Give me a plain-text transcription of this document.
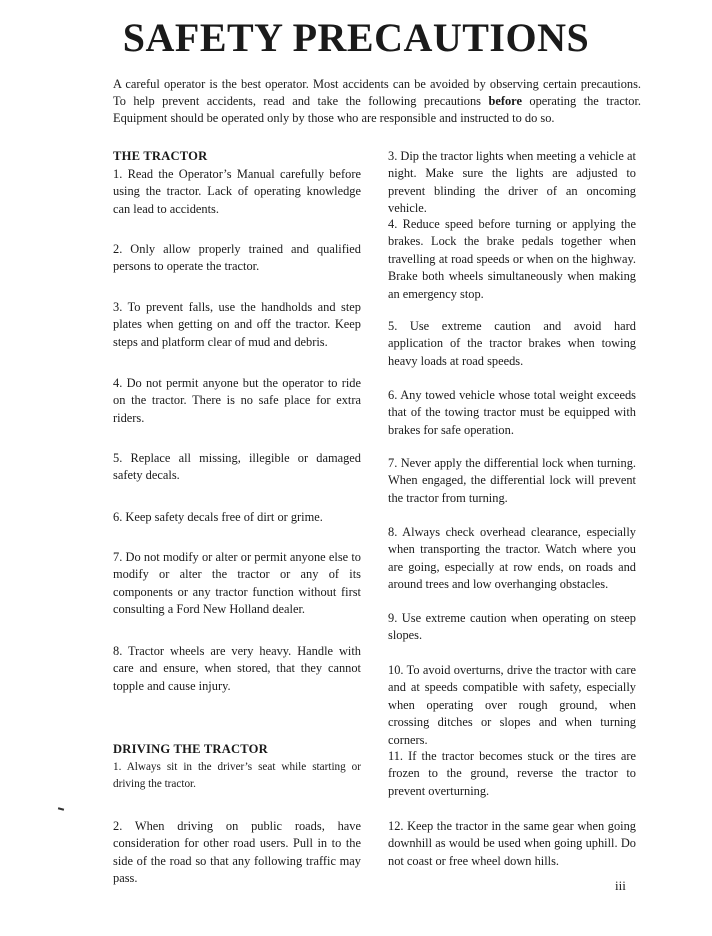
SAFETY PRECAUTIONS

A careful operator is the best operator. Most accidents can be avoided by observing certain precautions. To help prevent accidents, read and take the following precautions before operating the tractor. Equipment should be operated only by those who are responsible and instructed to do so.

THE TRACTOR

1. Read the Operator’s Manual carefully before using the tractor. Lack of operating knowledge can lead to accidents.

2. Only allow properly trained and qualified persons to operate the tractor.

3. To prevent falls, use the handholds and step plates when getting on and off the tractor. Keep steps and platform clear of mud and debris.

4. Do not permit anyone but the operator to ride on the tractor. There is no safe place for extra riders.

5. Replace all missing, illegible or damaged safety decals.

6. Keep safety decals free of dirt or grime.

7. Do not modify or alter or permit anyone else to modify or alter the tractor or any of its components or any tractor function without first consulting a Ford New Holland dealer.

8. Tractor wheels are very heavy. Handle with care and ensure, when stored, that they cannot topple and cause injury.

DRIVING THE TRACTOR

1. Always sit in the driver’s seat while starting or driving the tractor.

2. When driving on public roads, have consideration for other road users. Pull in to the side of the road so that any following traffic may pass.

3. Dip the tractor lights when meeting a vehicle at night. Make sure the lights are adjusted to prevent blinding the driver of an oncoming vehicle.

4. Reduce speed before turning or applying the brakes. Lock the brake pedals together when travelling at road speeds or when on the highway. Brake both wheels simultaneously when making an emergency stop.

5. Use extreme caution and avoid hard application of the tractor brakes when towing heavy loads at road speeds.

6. Any towed vehicle whose total weight exceeds that of the towing tractor must be equipped with brakes for safe operation.

7. Never apply the differential lock when turning. When engaged, the differential lock will prevent the tractor from turning.

8. Always check overhead clearance, especially when transporting the tractor. Watch where you are going, especially at row ends, on roads and around trees and low overhanging obstacles.

9. Use extreme caution when operating on steep slopes.

10. To avoid overturns, drive the tractor with care and at speeds compatible with safety, especially when operating over rough ground, when crossing ditches or slopes and when turning corners.

11. If the tractor becomes stuck or the tires are frozen to the ground, reverse the tractor to prevent overturning.

12. Keep the tractor in the same gear when going downhill as would be used when going uphill. Do not coast or free wheel down hills.

iii
